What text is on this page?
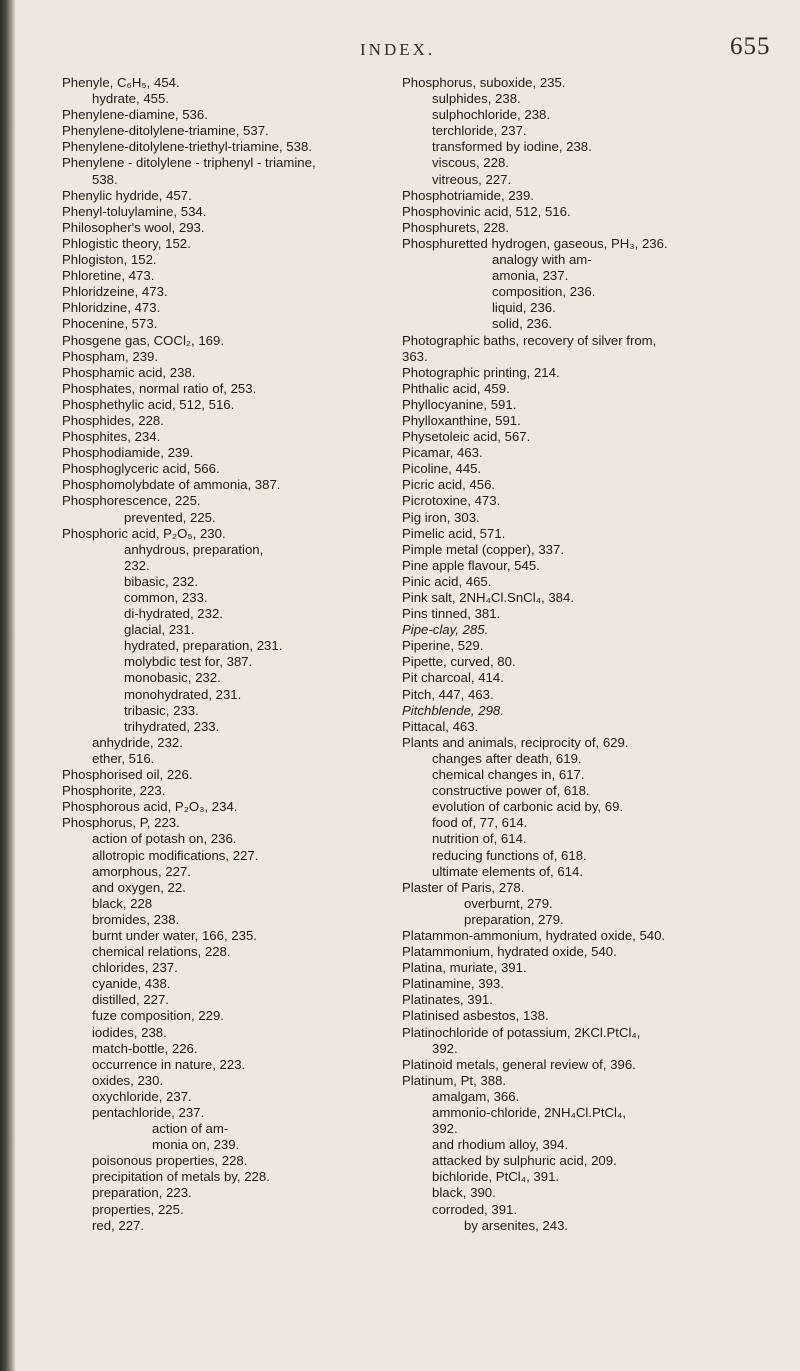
INDEX.	655
Phenyle, C₆H₅, 454.
hydrate, 455.
Phenylene-diamine, 536.
Phenylene-ditolylene-triamine, 537.
Phenylene-ditolylene-triethyl-triamine, 538.
Phenylene - ditolylene - triphenyl - triamine,
538.
Phenylic hydride, 457.
Phenyl-toluylamine, 534.
Philosopher's wool, 293.
Phlogistic theory, 152.
Phlogiston, 152.
Phloretine, 473.
Phloridzeine, 473.
Phloridzine, 473.
Phocenine, 573.
Phosgene gas, COCl₂, 169.
Phospham, 239.
Phosphamic acid, 238.
Phosphates, normal ratio of, 253.
Phosphethylic acid, 512, 516.
Phosphides, 228.
Phosphites, 234.
Phosphodiamide, 239.
Phosphoglyceric acid, 566.
Phosphomolybdate of ammonia, 387.
Phosphorescence, 225.
prevented, 225.
Phosphoric acid, P₂O₅, 230.
anhydrous, preparation,
232.
bibasic, 232.
common, 233.
di-hydrated, 232.
glacial, 231.
hydrated, preparation, 231.
molybdic test for, 387.
monobasic, 232.
monohydrated, 231.
tribasic, 233.
trihydrated, 233.
anhydride, 232.
ether, 516.
Phosphorised oil, 226.
Phosphorite, 223.
Phosphorous acid, P₂O₃, 234.
Phosphorus, P, 223.
action of potash on, 236.
allotropic modifications, 227.
amorphous, 227.
and oxygen, 22.
black, 228
bromides, 238.
burnt under water, 166, 235.
chemical relations, 228.
chlorides, 237.
cyanide, 438.
distilled, 227.
fuze composition, 229.
iodides, 238.
match-bottle, 226.
occurrence in nature, 223.
oxides, 230.
oxychloride, 237.
pentachloride, 237.
action of am-
monia on, 239.
poisonous properties, 228.
precipitation of metals by, 228.
preparation, 223.
properties, 225.
red, 227.
Phosphorus, suboxide, 235.
sulphides, 238.
sulphochloride, 238.
terchloride, 237.
transformed by iodine, 238.
viscous, 228.
vitreous, 227.
Phosphotriamide, 239.
Phosphovinic acid, 512, 516.
Phosphurets, 228.
Phosphuretted hydrogen, gaseous, PH₃, 236.
analogy with am-
amonia, 237.
composition, 236.
liquid, 236.
solid, 236.
Photographic baths, recovery of silver from,
363.
Photographic printing, 214.
Phthalic acid, 459.
Phyllocyanine, 591.
Phylloxanthine, 591.
Physetoleic acid, 567.
Picamar, 463.
Picoline, 445.
Picric acid, 456.
Picrotoxine, 473.
Pig iron, 303.
Pimelic acid, 571.
Pimple metal (copper), 337.
Pine apple flavour, 545.
Pinic acid, 465.
Pink salt, 2NH₄Cl.SnCl₄, 384.
Pins tinned, 381.
Pipe-clay, 285.
Piperine, 529.
Pipette, curved, 80.
Pit charcoal, 414.
Pitch, 447, 463.
Pitchblende, 298.
Pittacal, 463.
Plants and animals, reciprocity of, 629.
changes after death, 619.
chemical changes in, 617.
constructive power of, 618.
evolution of carbonic acid by, 69.
food of, 77, 614.
nutrition of, 614.
reducing functions of, 618.
ultimate elements of, 614.
Plaster of Paris, 278.
overburnt, 279.
preparation, 279.
Platammon-ammonium, hydrated oxide, 540.
Platammonium, hydrated oxide, 540.
Platina, muriate, 391.
Platinamine, 393.
Platinates, 391.
Platinised asbestos, 138.
Platinochloride of potassium, 2KCl.PtCl₄,
392.
Platinoid metals, general review of, 396.
Platinum, Pt, 388.
amalgam, 366.
ammonio-chloride, 2NH₄Cl.PtCl₄,
392.
and rhodium alloy, 394.
attacked by sulphuric acid, 209.
bichloride, PtCl₄, 391.
black, 390.
corroded, 391.
by arsenites, 243.
